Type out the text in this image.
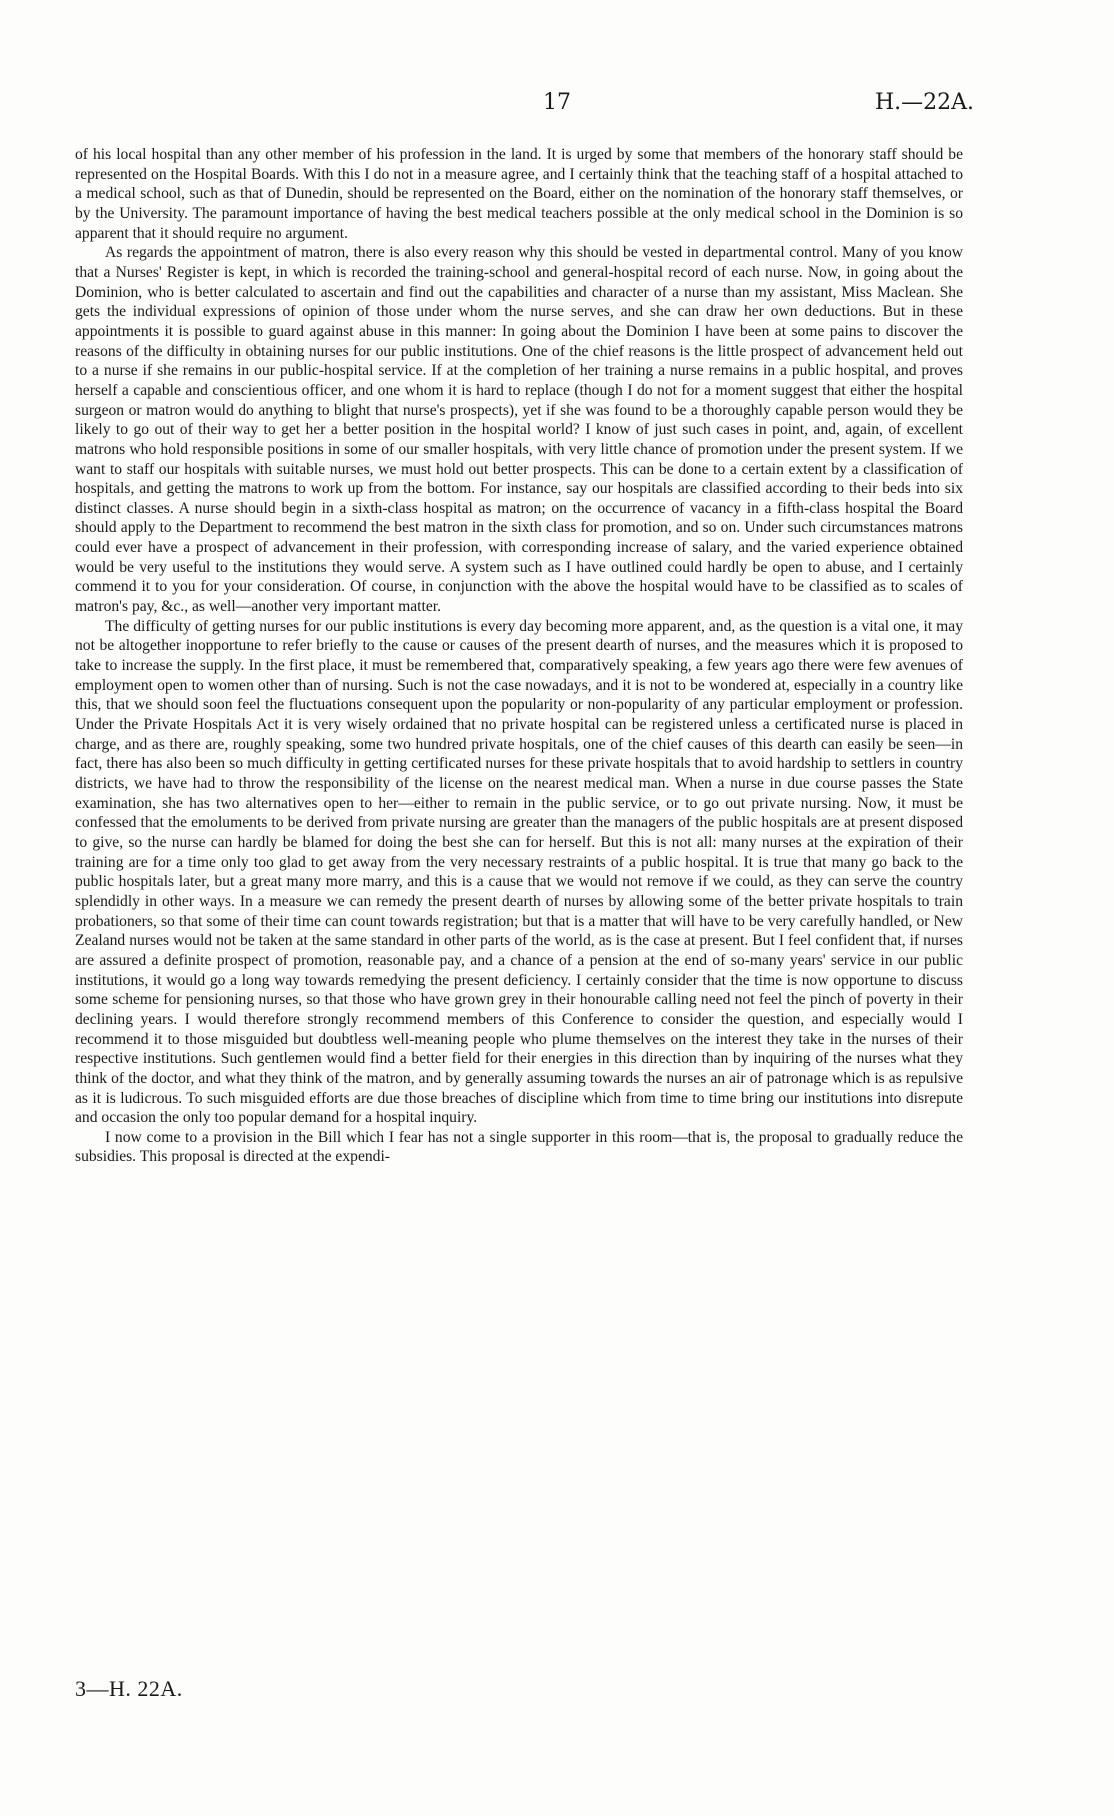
17	H.—22A.

of his local hospital than any other member of his profession in the land. It is urged by some that members of the honorary staff should be represented on the Hospital Boards. With this I do not in a measure agree, and I certainly think that the teaching staff of a hospital attached to a medical school, such as that of Dunedin, should be represented on the Board, either on the nomination of the honorary staff themselves, or by the University. The paramount importance of having the best medical teachers possible at the only medical school in the Dominion is so apparent that it should require no argument.

As regards the appointment of matron, there is also every reason why this should be vested in departmental control. Many of you know that a Nurses' Register is kept, in which is recorded the training-school and general-hospital record of each nurse. Now, in going about the Dominion, who is better calculated to ascertain and find out the capabilities and character of a nurse than my assistant, Miss Maclean. She gets the individual expressions of opinion of those under whom the nurse serves, and she can draw her own deductions. But in these appointments it is possible to guard against abuse in this manner: In going about the Dominion I have been at some pains to discover the reasons of the difficulty in obtaining nurses for our public institutions. One of the chief reasons is the little prospect of advancement held out to a nurse if she remains in our public-hospital service. If at the completion of her training a nurse remains in a public hospital, and proves herself a capable and conscientious officer, and one whom it is hard to replace (though I do not for a moment suggest that either the hospital surgeon or matron would do anything to blight that nurse's prospects), yet if she was found to be a thoroughly capable person would they be likely to go out of their way to get her a better position in the hospital world? I know of just such cases in point, and, again, of excellent matrons who hold responsible positions in some of our smaller hospitals, with very little chance of promotion under the present system. If we want to staff our hospitals with suitable nurses, we must hold out better prospects. This can be done to a certain extent by a classification of hospitals, and getting the matrons to work up from the bottom. For instance, say our hospitals are classified according to their beds into six distinct classes. A nurse should begin in a sixth-class hospital as matron; on the occurrence of vacancy in a fifth-class hospital the Board should apply to the Department to recommend the best matron in the sixth class for promotion, and so on. Under such circumstances matrons could ever have a prospect of advancement in their profession, with corresponding increase of salary, and the varied experience obtained would be very useful to the institutions they would serve. A system such as I have outlined could hardly be open to abuse, and I certainly commend it to you for your consideration. Of course, in conjunction with the above the hospital would have to be classified as to scales of matron's pay, &c., as well—another very important matter.

The difficulty of getting nurses for our public institutions is every day becoming more apparent, and, as the question is a vital one, it may not be altogether inopportune to refer briefly to the cause or causes of the present dearth of nurses, and the measures which it is proposed to take to increase the supply. In the first place, it must be remembered that, comparatively speaking, a few years ago there were few avenues of employment open to women other than of nursing. Such is not the case nowadays, and it is not to be wondered at, especially in a country like this, that we should soon feel the fluctuations consequent upon the popularity or non-popularity of any particular employment or profession. Under the Private Hospitals Act it is very wisely ordained that no private hospital can be registered unless a certificated nurse is placed in charge, and as there are, roughly speaking, some two hundred private hospitals, one of the chief causes of this dearth can easily be seen—in fact, there has also been so much difficulty in getting certificated nurses for these private hospitals that to avoid hardship to settlers in country districts, we have had to throw the responsibility of the license on the nearest medical man. When a nurse in due course passes the State examination, she has two alternatives open to her—either to remain in the public service, or to go out private nursing. Now, it must be confessed that the emoluments to be derived from private nursing are greater than the managers of the public hospitals are at present disposed to give, so the nurse can hardly be blamed for doing the best she can for herself. But this is not all: many nurses at the expiration of their training are for a time only too glad to get away from the very necessary restraints of a public hospital. It is true that many go back to the public hospitals later, but a great many more marry, and this is a cause that we would not remove if we could, as they can serve the country splendidly in other ways. In a measure we can remedy the present dearth of nurses by allowing some of the better private hospitals to train probationers, so that some of their time can count towards registration; but that is a matter that will have to be very carefully handled, or New Zealand nurses would not be taken at the same standard in other parts of the world, as is the case at present. But I feel confident that, if nurses are assured a definite prospect of promotion, reasonable pay, and a chance of a pension at the end of so-many years' service in our public institutions, it would go a long way towards remedying the present deficiency. I certainly consider that the time is now opportune to discuss some scheme for pensioning nurses, so that those who have grown grey in their honourable calling need not feel the pinch of poverty in their declining years. I would therefore strongly recommend members of this Conference to consider the question, and especially would I recommend it to those misguided but doubtless well-meaning people who plume themselves on the interest they take in the nurses of their respective institutions. Such gentlemen would find a better field for their energies in this direction than by inquiring of the nurses what they think of the doctor, and what they think of the matron, and by generally assuming towards the nurses an air of patronage which is as repulsive as it is ludicrous. To such misguided efforts are due those breaches of discipline which from time to time bring our institutions into disrepute and occasion the only too popular demand for a hospital inquiry.

I now come to a provision in the Bill which I fear has not a single supporter in this room—that is, the proposal to gradually reduce the subsidies. This proposal is directed at the expendi-

3—H. 22A.
